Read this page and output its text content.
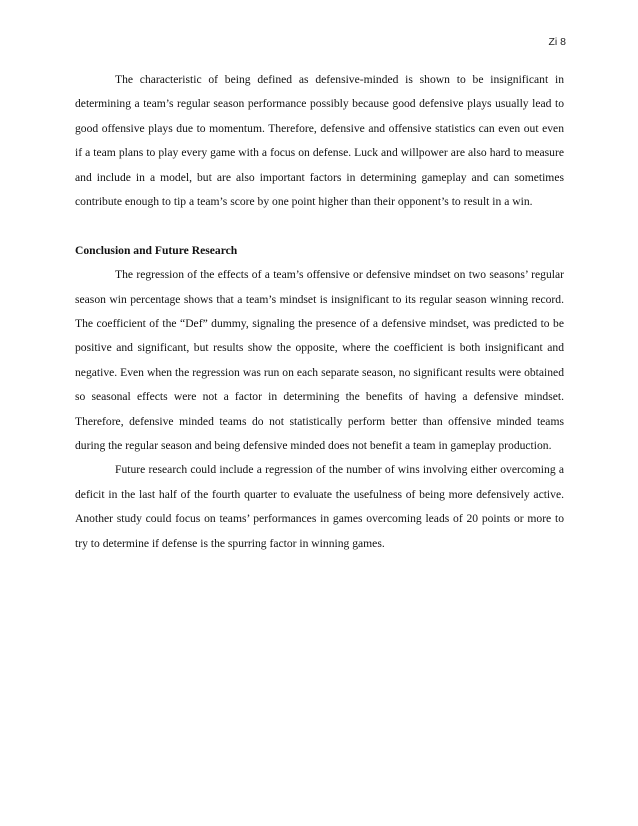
Zi 8

The characteristic of being defined as defensive-minded is shown to be insignificant in determining a team’s regular season performance possibly because good defensive plays usually lead to good offensive plays due to momentum. Therefore, defensive and offensive statistics can even out even if a team plans to play every game with a focus on defense. Luck and willpower are also hard to measure and include in a model, but are also important factors in determining gameplay and can sometimes contribute enough to tip a team’s score by one point higher than their opponent’s to result in a win.

Conclusion and Future Research

The regression of the effects of a team’s offensive or defensive mindset on two seasons’ regular season win percentage shows that a team’s mindset is insignificant to its regular season winning record. The coefficient of the “Def” dummy, signaling the presence of a defensive mindset, was predicted to be positive and significant, but results show the opposite, where the coefficient is both insignificant and negative. Even when the regression was run on each separate season, no significant results were obtained so seasonal effects were not a factor in determining the benefits of having a defensive mindset. Therefore, defensive minded teams do not statistically perform better than offensive minded teams during the regular season and being defensive minded does not benefit a team in gameplay production.

Future research could include a regression of the number of wins involving either overcoming a deficit in the last half of the fourth quarter to evaluate the usefulness of being more defensively active. Another study could focus on teams’ performances in games overcoming leads of 20 points or more to try to determine if defense is the spurring factor in winning games.
